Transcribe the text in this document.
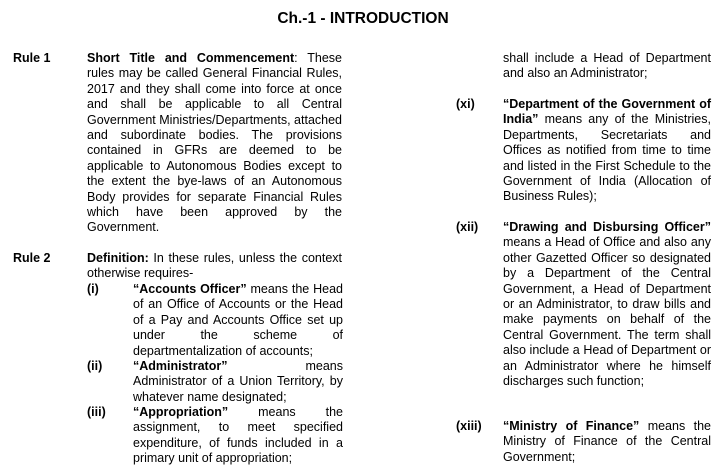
Ch.-1 - INTRODUCTION
Rule 1	Short Title and Commencement: These rules may be called General Financial Rules, 2017 and they shall come into force at once and shall be applicable to all Central Government Ministries/Departments, attached and subordinate bodies. The provisions contained in GFRs are deemed to be applicable to Autonomous Bodies except to the extent the bye-laws of an Autonomous Body provides for separate Financial Rules which have been approved by the Government.
Rule 2	Definition: In these rules, unless the context otherwise requires-
(i)	“Accounts Officer” means the Head of an Office of Accounts or the Head of a Pay and Accounts Office set up under the scheme of departmentalization of accounts;
(ii) “Administrator” means Administrator of a Union Territory, by whatever name designated;
(iii) “Appropriation” means the assignment, to meet specified expenditure, of funds included in a primary unit of appropriation;
shall include a Head of Department and also an Administrator;
(xi) “Department of the Government of India” means any of the Ministries, Departments, Secretariats and Offices as notified from time to time and listed in the First Schedule to the Government of India (Allocation of Business Rules);
(xii) “Drawing and Disbursing Officer” means a Head of Office and also any other Gazetted Officer so designated by a Department of the Central Government, a Head of Department or an Administrator, to draw bills and make payments on behalf of the Central Government. The term shall also include a Head of Department or an Administrator where he himself discharges such function;
(xiii) “Ministry of Finance” means the Ministry of Finance of the Central Government;
